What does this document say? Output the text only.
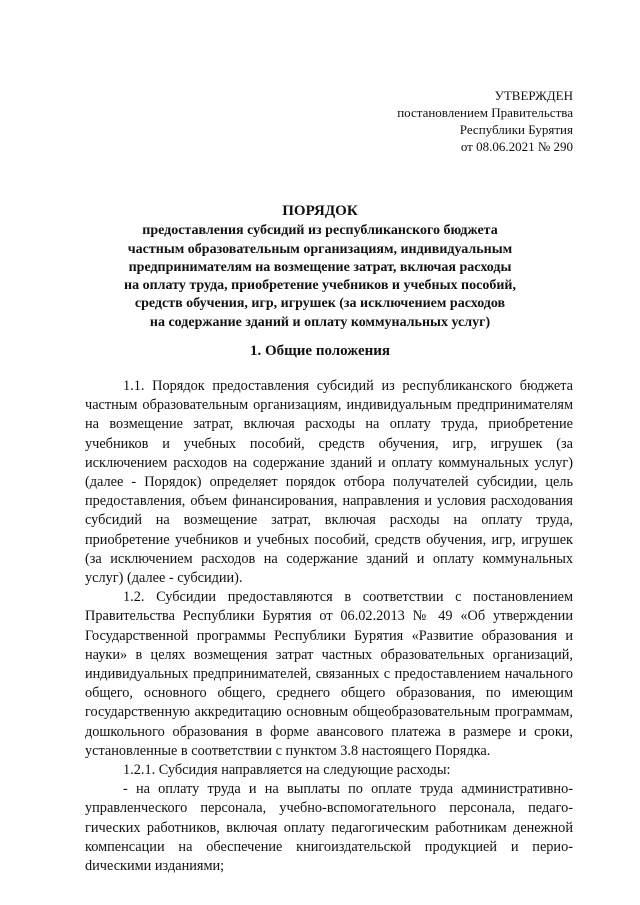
УТВЕРЖДЕН
постановлением Правительства
Республики Бурятия
от 08.06.2021 № 290
ПОРЯДОК
предоставления субсидий из республиканского бюджета
частным образовательным организациям, индивидуальным
предпринимателям на возмещение затрат, включая расходы
на оплату труда, приобретение учебников и учебных пособий,
средств обучения, игр, игрушек (за исключением расходов
на содержание зданий и оплату коммунальных услуг)
1. Общие положения

1.1. Порядок предоставления субсидий из республиканского бюджета частным образовательным организациям, индивидуальным предпринимателям на возмещение затрат, включая расходы на оплату труда, приобретение учебников и учебных пособий, средств обучения, игр, игрушек (за исключением расходов на содержание зданий и оплату коммунальных услуг) (далее - Порядок) определяет порядок отбора получателей субсидии, цель предоставления, объем финансирования, направления и условия расходования субсидий на возмещение затрат, включая расходы на оплату труда, приобретение учебников и учебных пособий, средств обучения, игр, игрушек (за исключением расходов на содержание зданий и оплату коммунальных услуг) (далее - субсидии).

1.2. Субсидии предоставляются в соответствии с постановлением Правительства Республики Бурятия от 06.02.2013 № 49 «Об утверждении Государственной программы Республики Бурятия «Развитие образования и науки» в целях возмещения затрат частных образовательных организаций, индивидуальных предпринимателей, связанных с предоставлением начального общего, основного общего, среднего общего образования, по имеющим государственную аккредитацию основным общеобразовательным программам, дошкольного образования в форме авансового платежа в размере и сроки, установленные в соответствии с пунктом 3.8 настоящего Порядка.

1.2.1. Субсидия направляется на следующие расходы:

- на оплату труда и на выплаты по оплате труда административно-управленческого персонала, учебно-вспомогательного персонала, педагогических работников, включая оплату педагогическим работникам денежной компенсации на обеспечение книгоиздательской продукцией и периоdическими изданиями;
